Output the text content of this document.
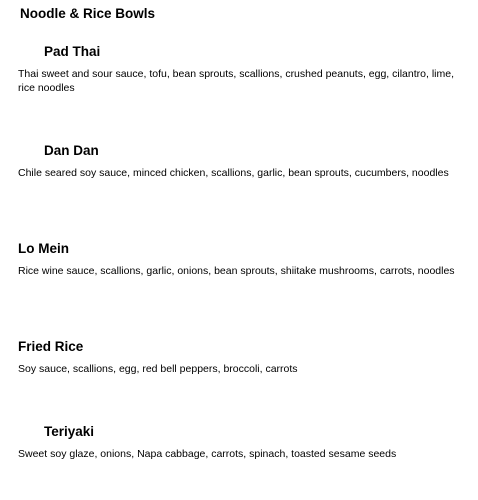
Noodle & Rice Bowls
Pad Thai

Thai sweet and sour sauce, tofu, bean sprouts, scallions, crushed peanuts, egg, cilantro, lime, rice noodles

Dan Dan

Chile seared soy sauce, minced chicken, scallions, garlic, bean sprouts, cucumbers, noodles

Lo Mein

Rice wine sauce, scallions, garlic, onions, bean sprouts, shiitake mushrooms, carrots, noodles

Fried Rice

Soy sauce, scallions, egg, red bell peppers, broccoli, carrots

Teriyaki

Sweet soy glaze, onions, Napa cabbage, carrots, spinach, toasted sesame seeds
